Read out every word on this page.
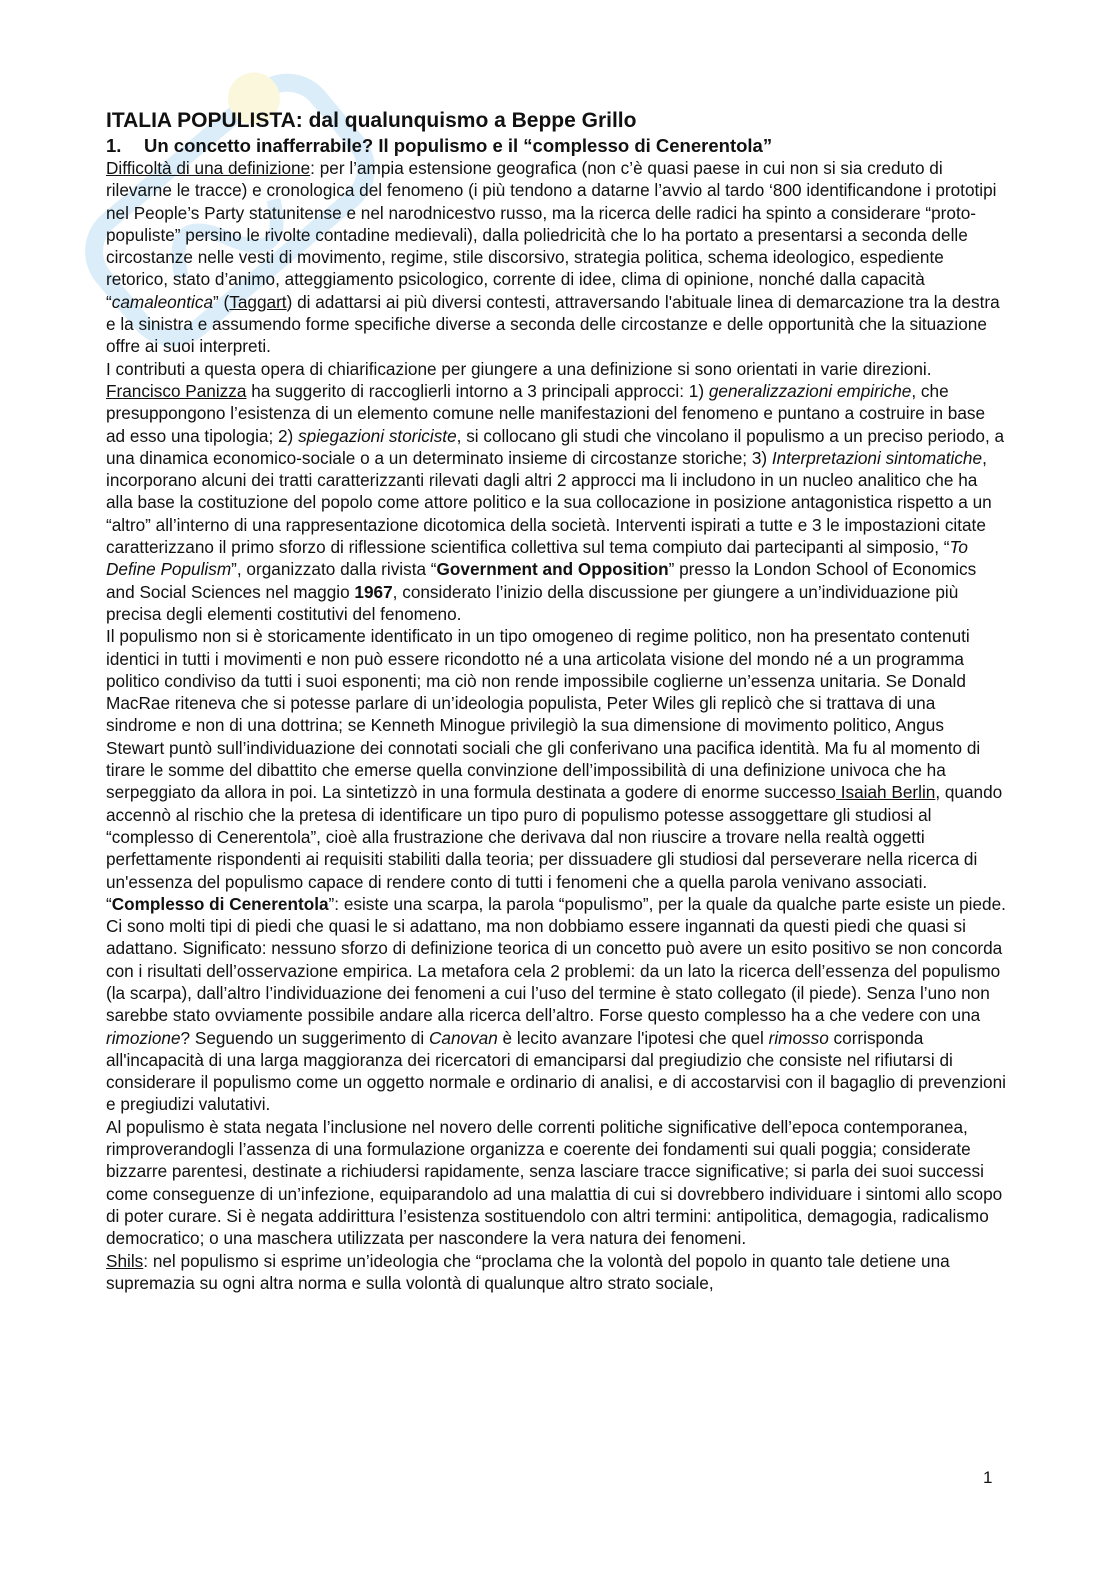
ITALIA POPULISTA: dal qualunquismo a Beppe Grillo
1. Un concetto inafferrabile? Il populismo e il “complesso di Cenerentola”

Difficoltà di una definizione: per l’ampia estensione geografica (non c’è quasi paese in cui non si sia creduto di rilevarne le tracce) e cronologica del fenomeno (i più tendono a datarne l’avvio al tardo ‘800 identificandone i prototipi nel People’s Party statunitense e nel narodnicestvo russo, ma la ricerca delle radici ha spinto a considerare “proto-populiste” persino le rivolte contadine medievali), dalla poliedricità che lo ha portato a presentarsi a seconda delle circostanze nelle vesti di movimento, regime, stile discorsivo, strategia politica, schema ideologico, espediente retorico, stato d’animo, atteggiamento psicologico, corrente di idee, clima di opinione, nonché dalla capacità “camaleontica” (Taggart) di adattarsi ai più diversi contesti, attraversando l'abituale linea di demarcazione tra la destra e la sinistra e assumendo forme specifiche diverse a seconda delle circostanze e delle opportunità che la situazione offre ai suoi interpreti.

I contributi a questa opera di chiarificazione per giungere a una definizione si sono orientati in varie direzioni. Francisco Panizza ha suggerito di raccoglierli intorno a 3 principali approcci: 1) generalizzazioni empiriche, che presuppongono l’esistenza di un elemento comune nelle manifestazioni del fenomeno e puntano a costruire in base ad esso una tipologia; 2) spiegazioni storiciste, si collocano gli studi che vincolano il populismo a un preciso periodo, a una dinamica economico-sociale o a un determinato insieme di circostanze storiche; 3) Interpretazioni sintomatiche, incorporano alcuni dei tratti caratterizzanti rilevati dagli altri 2 approcci ma li includono in un nucleo analitico che ha alla base la costituzione del popolo come attore politico e la sua collocazione in posizione antagonistica rispetto a un “altro” all’interno di una rappresentazione dicotomica della società. Interventi ispirati a tutte e 3 le impostazioni citate caratterizzano il primo sforzo di riflessione scientifica collettiva sul tema compiuto dai partecipanti al simposio, “To Define Populism”, organizzato dalla rivista “Government and Opposition” presso la London School of Economics and Social Sciences nel maggio 1967, considerato l’inizio della discussione per giungere a un’individuazione più precisa degli elementi costitutivi del fenomeno.

Il populismo non si è storicamente identificato in un tipo omogeneo di regime politico, non ha presentato contenuti identici in tutti i movimenti e non può essere ricondotto né a una articolata visione del mondo né a un programma politico condiviso da tutti i suoi esponenti; ma ciò non rende impossibile coglierne un’essenza unitaria. Se Donald MacRae riteneva che si potesse parlare di un’ideologia populista, Peter Wiles gli replicò che si trattava di una sindrome e non di una dottrina; se Kenneth Minogue privilegiò la sua dimensione di movimento politico, Angus Stewart puntò sull’individuazione dei connotati sociali che gli conferivano una pacifica identità. Ma fu al momento di tirare le somme del dibattito che emerse quella convinzione dell’impossibilità di una definizione univoca che ha serpeggiato da allora in poi. La sintetizzò in una formula destinata a godere di enorme successo Isaiah Berlin, quando accennò al rischio che la pretesa di identificare un tipo puro di populismo potesse assoggettare gli studiosi al “complesso di Cenerentola”, cioè alla frustrazione che derivava dal non riuscire a trovare nella realtà oggetti perfettamente rispondenti ai requisiti stabiliti dalla teoria; per dissuadere gli studiosi dal perseverare nella ricerca di un'essenza del populismo capace di rendere conto di tutti i fenomeni che a quella parola venivano associati.

“Complesso di Cenerentola”: esiste una scarpa, la parola “populismo”, per la quale da qualche parte esiste un piede. Ci sono molti tipi di piedi che quasi le si adattano, ma non dobbiamo essere ingannati da questi piedi che quasi si adattano. Significato: nessuno sforzo di definizione teorica di un concetto può avere un esito positivo se non concorda con i risultati dell’osservazione empirica. La metafora cela 2 problemi: da un lato la ricerca dell’essenza del populismo (la scarpa), dall’altro l’individuazione dei fenomeni a cui l’uso del termine è stato collegato (il piede). Senza l’uno non sarebbe stato ovviamente possibile andare alla ricerca dell’altro. Forse questo complesso ha a che vedere con una rimozione? Seguendo un suggerimento di Canovan è lecito avanzare l'ipotesi che quel rimosso corrisponda all'incapacità di una larga maggioranza dei ricercatori di emanciparsi dal pregiudizio che consiste nel rifiutarsi di considerare il populismo come un oggetto normale e ordinario di analisi, e di accostarvisi con il bagaglio di prevenzioni e pregiudizi valutativi.

Al populismo è stata negata l’inclusione nel novero delle correnti politiche significative dell’epoca contemporanea, rimproverandogli l’assenza di una formulazione organizza e coerente dei fondamenti sui quali poggia; considerate bizzarre parentesi, destinate a richiudersi rapidamente, senza lasciare tracce significative; si parla dei suoi successi come conseguenze di un’infezione, equiparandolo ad una malattia di cui si dovrebbero individuare i sintomi allo scopo di poter curare. Si è negata addirittura l’esistenza sostituendolo con altri termini: antipolitica, demagogia, radicalismo democratico; o una maschera utilizzata per nascondere la vera natura dei fenomeni.

Shils: nel populismo si esprime un’ideologia che “proclama che la volontà del popolo in quanto tale detiene una supremazia su ogni altra norma e sulla volontà di qualunque altro strato sociale,

1
